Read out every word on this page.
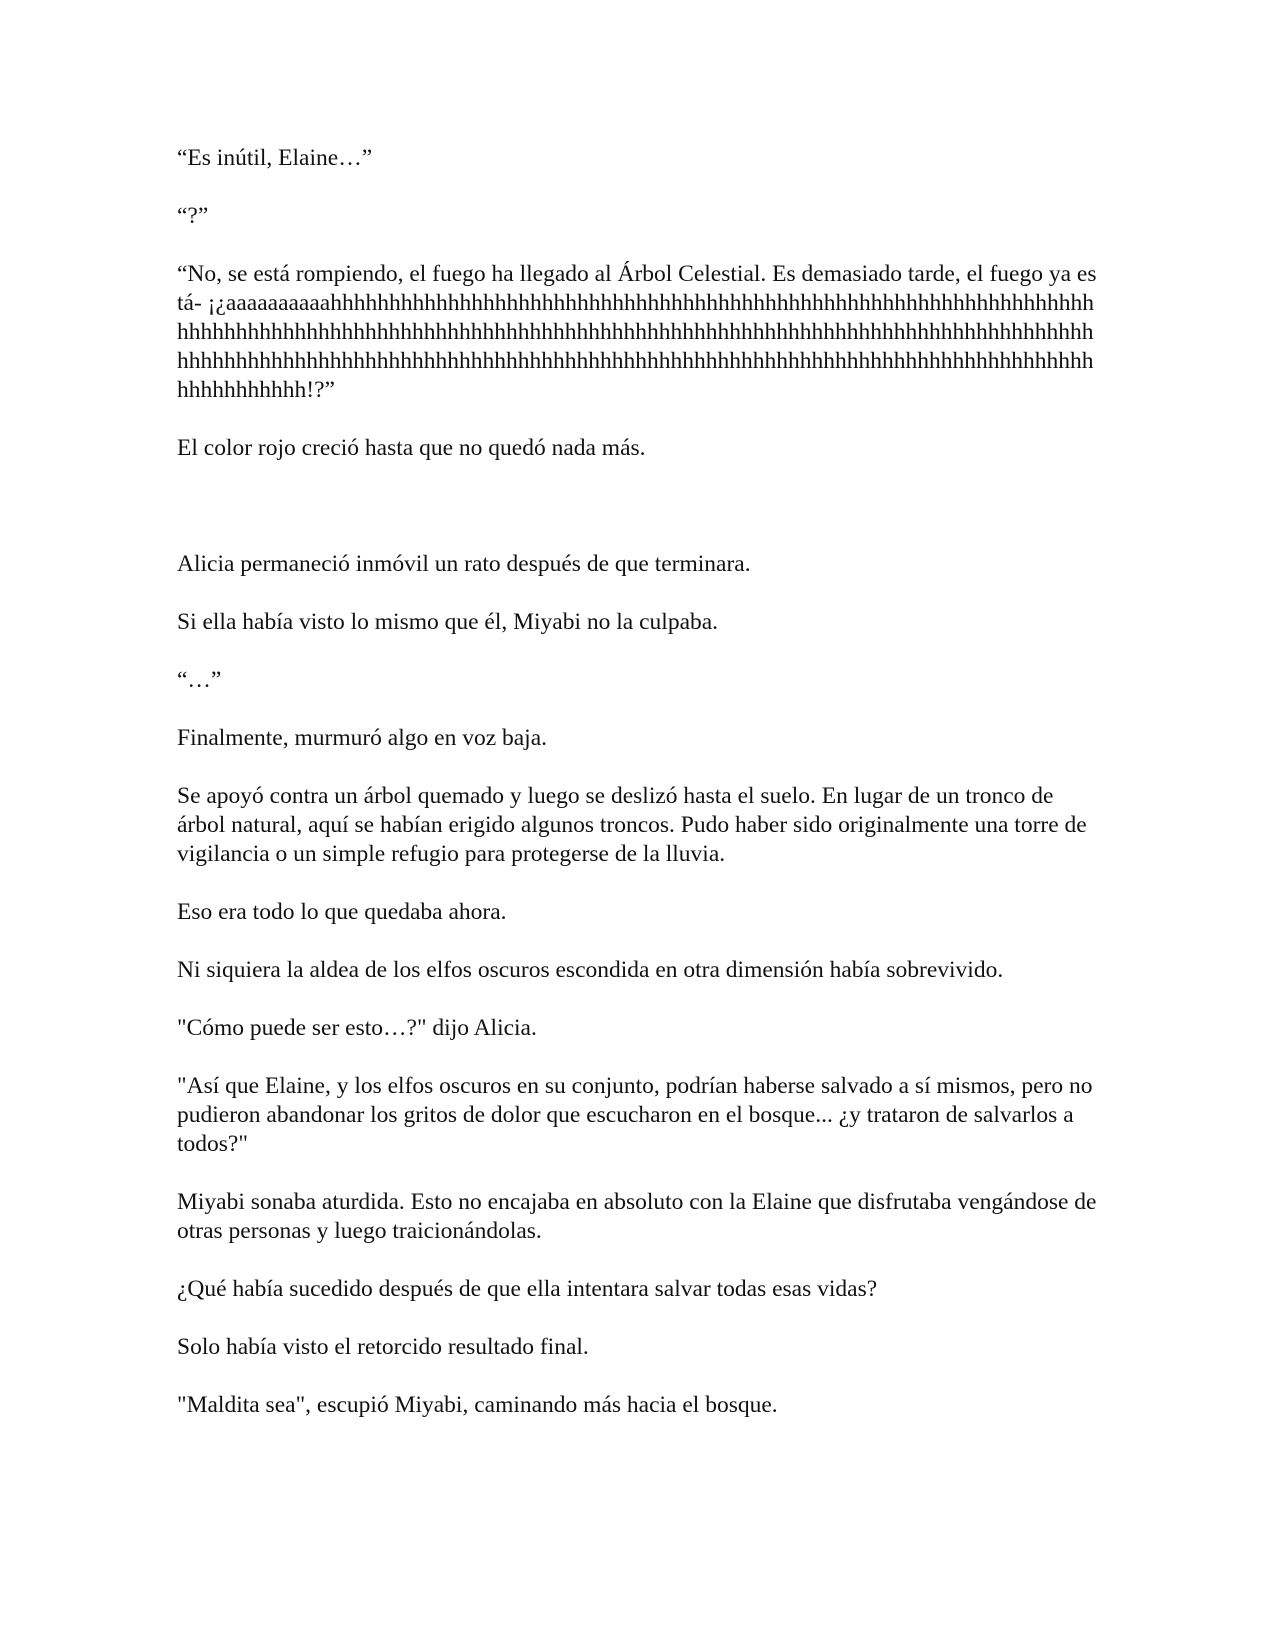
“Es inútil, Elaine…”

“?”

“No, se está rompiendo, el fuego ha llegado al Árbol Celestial. Es demasiado tarde, el fuego ya está- ¡¿aaaaaaaaaahhhhhhhhhhhhhhhhhhhhhhhhhhhhhhhhhhhhhhhhhhhhhhhhhhhhhhhhhhhhhhhhhhhhhhhhhhhhhhhhhhhhhhhhhhhhhhhhhhhhhhhhhhhhhhhhhhhhhhhhhhhhhhhhhhhhhhhhhhhhhhhhhhhhhhhhhhhhhhhhhhhhhhhhhhhhhhhhhhhhhhhhhhhhhhhhhhhhhhhhhhhhhhhhhhhhhhhhhhhhhhhhhhhhhhhh!?”

El color rojo creció hasta que no quedó nada más.

Alicia permaneció inmóvil un rato después de que terminara.

Si ella había visto lo mismo que él, Miyabi no la culpaba.

“…”

Finalmente, murmuró algo en voz baja.

Se apoyó contra un árbol quemado y luego se deslizó hasta el suelo. En lugar de un tronco de árbol natural, aquí se habían erigido algunos troncos. Pudo haber sido originalmente una torre de vigilancia o un simple refugio para protegerse de la lluvia.

Eso era todo lo que quedaba ahora.

Ni siquiera la aldea de los elfos oscuros escondida en otra dimensión había sobrevivido.

"Cómo puede ser esto…?" dijo Alicia.

"Así que Elaine, y los elfos oscuros en su conjunto, podrían haberse salvado a sí mismos, pero no pudieron abandonar los gritos de dolor que escucharon en el bosque... ¿y trataron de salvarlos a todos?"

Miyabi sonaba aturdida. Esto no encajaba en absoluto con la Elaine que disfrutaba vengándose de otras personas y luego traicionándolas.

¿Qué había sucedido después de que ella intentara salvar todas esas vidas?

Solo había visto el retorcido resultado final.

"Maldita sea", escupió Miyabi, caminando más hacia el bosque.
